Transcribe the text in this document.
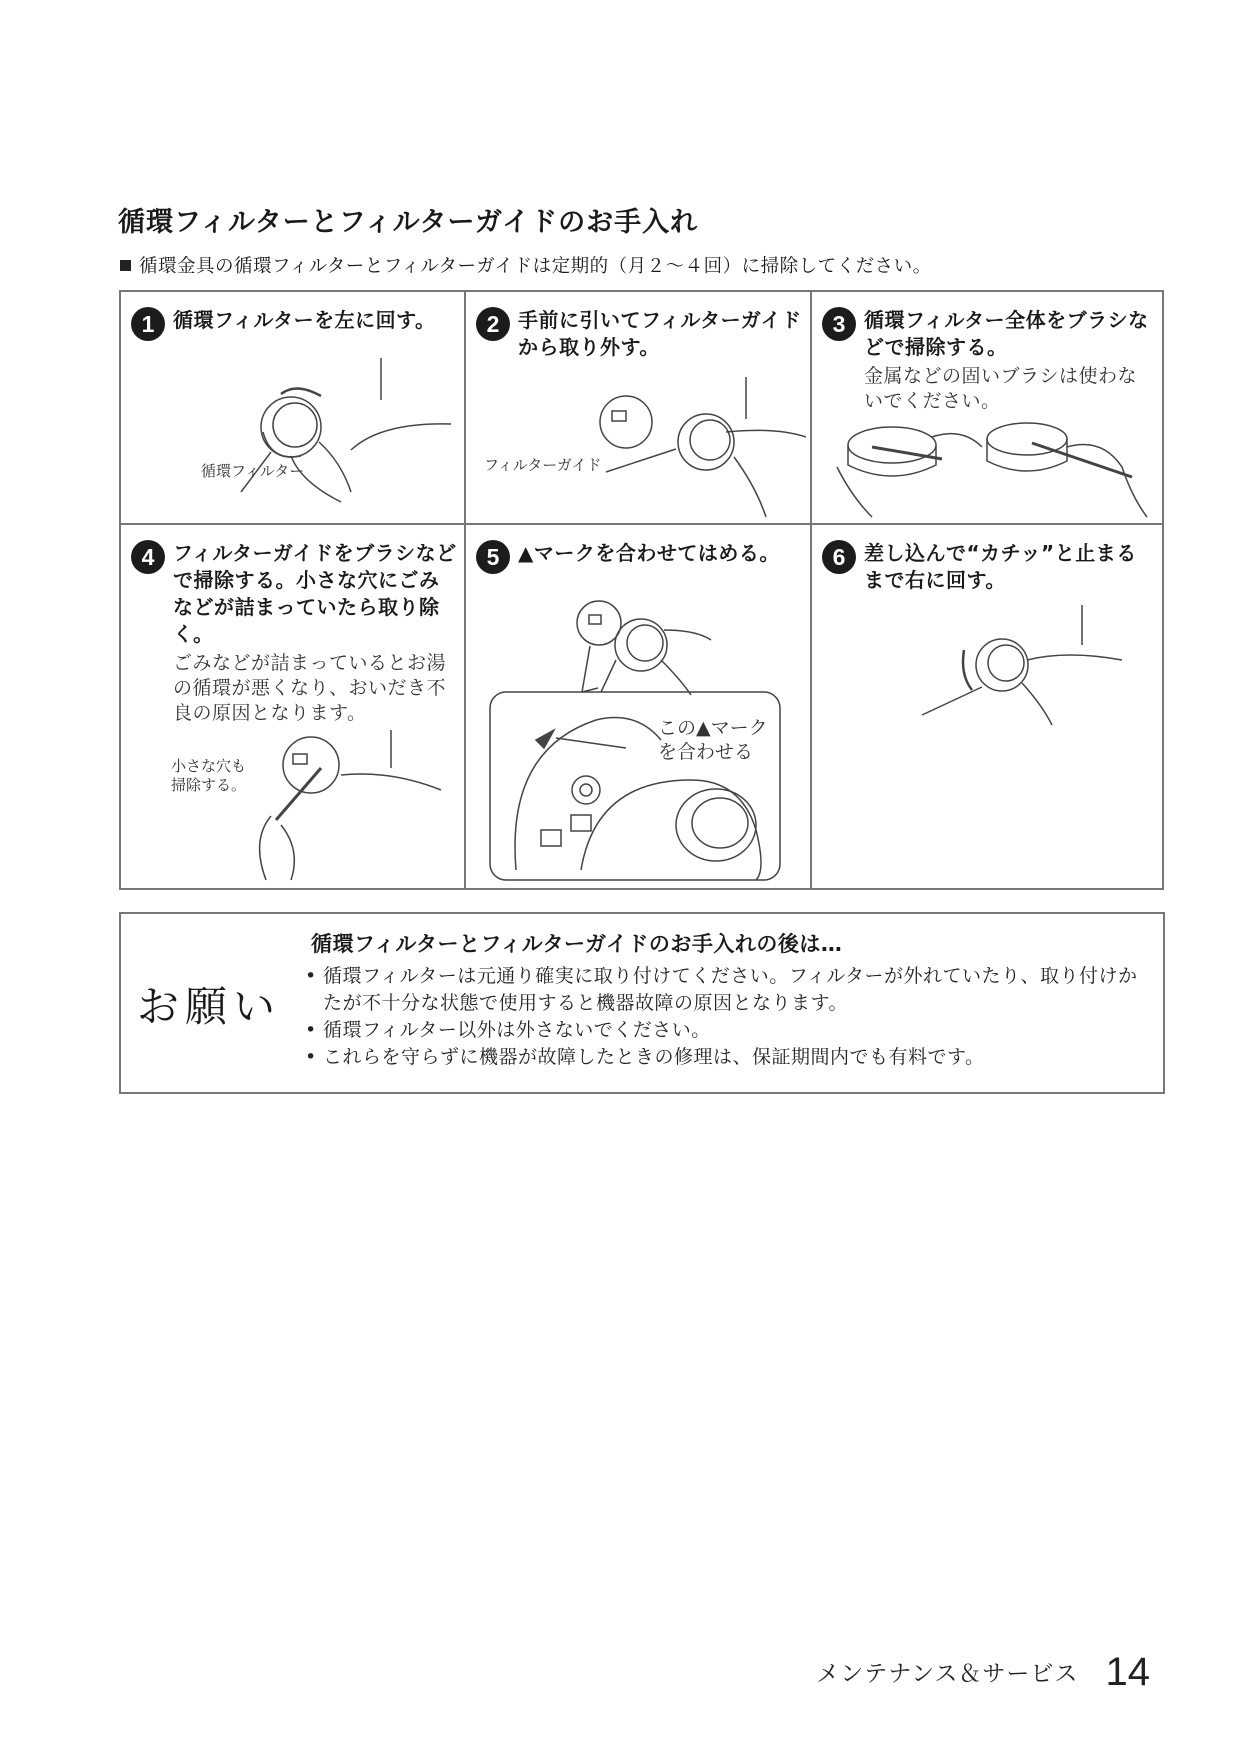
循環フィルターとフィルターガイドのお手入れ
循環金具の循環フィルターとフィルターガイドは定期的（月２～４回）に掃除してください。
1 循環フィルターを左に回す。
循環フィルター
2 手前に引いてフィルターガイドから取り外す。
フィルターガイド
3 循環フィルター全体をブラシなどで掃除する。
金属などの固いブラシは使わないでください。
4 フィルターガイドをブラシなどで掃除する。小さな穴にごみなどが詰まっていたら取り除く。
ごみなどが詰まっているとお湯の循環が悪くなり、おいだき不良の原因となります。
小さな穴も
掃除する。
5 ▲マークを合わせてはめる。
この▲マーク
を合わせる
6 差し込んで“カチッ”と止まるまで右に回す。
お願い
循環フィルターとフィルターガイドのお手入れの後は…
• 循環フィルターは元通り確実に取り付けてください。フィルターが外れていたり、取り付けかたが不十分な状態で使用すると機器故障の原因となります。
• 循環フィルター以外は外さないでください。
• これらを守らずに機器が故障したときの修理は、保証期間内でも有料です。
メンテナンス＆サービス 14
